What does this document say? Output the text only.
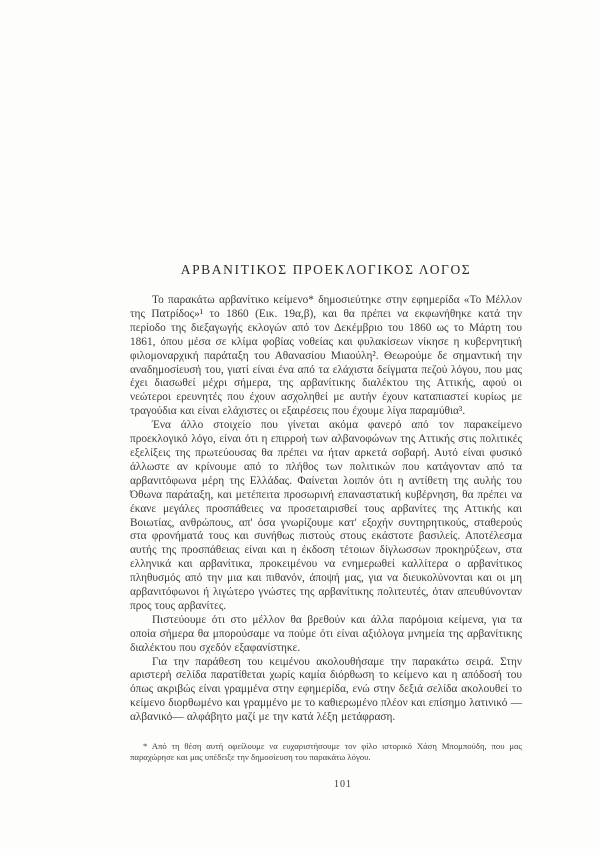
ΑΡΒΑΝΙΤΙΚΟΣ ΠΡΟΕΚΛΟΓΙΚΟΣ ΛΟΓΟΣ

Το παρακάτω αρβανίτικο κείμενο* δημοσιεύτηκε στην εφημερίδα «Το Μέλλον της Πατρίδος»¹ το 1860 (Εικ. 19α,β), και θα πρέπει να εκφωνήθηκε κατά την περίοδο της διεξαγωγής εκλογών από τον Δεκέμβριο του 1860 ως το Μάρτη του 1861, όπου μέσα σε κλίμα φοβίας νοθείας και φυλακίσεων νίκησε η κυβερνητική φιλομοναρχική παράταξη του Αθανασίου Μιαούλη². Θεωρούμε δε σημαντική την αναδημοσίευσή του, γιατί είναι ένα από τα ελάχιστα δείγματα πεζού λόγου, που μας έχει διασωθεί μέχρι σήμερα, της αρβανίτικης διαλέκτου της Αττικής, αφού οι νεώτεροι ερευνητές που έχουν ασχοληθεί με αυτήν έχουν καταπιαστεί κυρίως με τραγούδια και είναι ελάχιστες οι εξαιρέσεις που έχουμε λίγα παραμύθια³.

Ένα άλλο στοιχείο που γίνεται ακόμα φανερό από τον παρακείμενο προεκλογικό λόγο, είναι ότι η επιρροή των αλβανοφώνων της Αττικής στις πολιτικές εξελίξεις της πρωτεύουσας θα πρέπει να ήταν αρκετά σοβαρή. Αυτό είναι φυσικό άλλωστε αν κρίνουμε από το πλήθος των πολιτικών που κατάγονταν από τα αρβανιτόφωνα μέρη της Ελλάδας. Φαίνεται λοιπόν ότι η αντίθετη της αυλής του Όθωνα παράταξη, και μετέπειτα προσωρινή επαναστατική κυβέρνηση, θα πρέπει να έκανε μεγάλες προσπάθειες να προσεταιρισθεί τους αρβανίτες της Αττικής και Βοιωτίας, ανθρώπους, απ' όσα γνωρίζουμε κατ' εξοχήν συντηρητικούς, σταθερούς στα φρονήματά τους και συνήθως πιστούς στους εκάστοτε βασιλείς. Αποτέλεσμα αυτής της προσπάθειας είναι και η έκδοση τέτοιων δίγλωσσων προκηρύξεων, στα ελληνικά και αρβανίτικα, προκειμένου να ενημερωθεί καλλίτερα ο αρβανίτικος πληθυσμός από την μια και πιθανόν, άποψή μας, για να διευκολύνονται και οι μη αρβανιτόφωνοι ή λιγώτερο γνώστες της αρβανίτικης πολιτευτές, όταν απευθύνονταν προς τους αρβανίτες.

Πιστεύουμε ότι στο μέλλον θα βρεθούν και άλλα παρόμοια κείμενα, για τα οποία σήμερα θα μπορούσαμε να πούμε ότι είναι αξιόλογα μνημεία της αρβανίτικης διαλέκτου που σχεδόν εξαφανίστηκε.

Για την παράθεση του κειμένου ακολουθήσαμε την παρακάτω σειρά. Στην αριστερή σελίδα παρατίθεται χωρίς καμία διόρθωση το κείμενο και η απόδοσή του όπως ακριβώς είναι γραμμένα στην εφημερίδα, ενώ στην δεξιά σελίδα ακολουθεί το κείμενο διορθωμένο και γραμμένο με το καθιερωμένο πλέον και επίσημο λατινικό —αλβανικό— αλφάβητο μαζί με την κατά λέξη μετάφραση.

* Από τη θέση αυτή οφείλουμε να ευχαριστήσουμε τον φίλο ιστορικό Χάση Μπομπούδη, που μας παραχώρησε και μας υπέδειξε την δημοσίευση του παρακάτω λόγου.
101
